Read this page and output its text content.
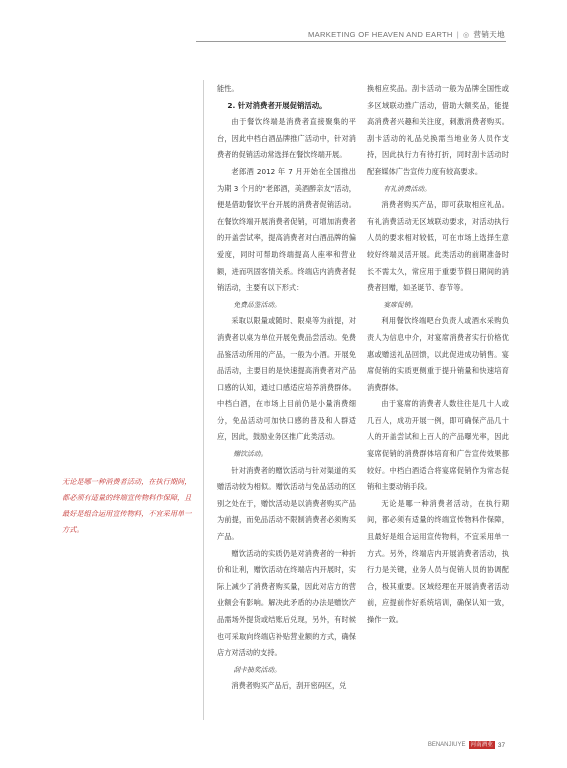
MARKETING OF HEAVEN AND EARTH | ◎ 营销天地
无论是哪一种消费者活动，在执行期间，都必须有适量的终端宣传物料作保障，且最好是组合运用宣传物料，不宜采用单一方式。

能性。

2. 针对消费者开展促销活动。

由于餐饮终端是消费者直接聚集的平台，因此中档白酒品牌推广活动中，针对消费者的促销活动常选择在餐饮终端开展。

老郎酒 2012 年 7 月开始在全国推出为期 3 个月的“老郎酒，美酒醉亲友”活动，便是借助餐饮平台开展的消费者促销活动。在餐饮终端开展消费者促销，可增加消费者的开盖尝试率，提高消费者对白酒品牌的偏爱度，同时可帮助终端提高人座率和营业额，进而巩固客情关系。终端店内消费者促销活动，主要有以下形式：

免费品鉴活动。

采取以限量或随时、限桌等为前提，对消费者以桌为单位开展免费品尝活动。免费品鉴活动所用的产品，一般为小酒。开展免品活动，主要目的是快速提高消费者对产品口感的认知，通过口感适应培养消费群体。中档白酒，在市场上目前仍是小量消费细分，免品活动可加快口感的普及和人群适应，因此，鼓励业务区推广此类活动。

赠饮活动。

针对消费者的赠饮活动与针对渠道的买赠活动较为相似。赠饮活动与免品活动的区别之处在于，赠饮活动是以消费者购买产品为前提，而免品活动不限制消费者必须购买产品。

赠饮活动的实质仍是对消费者的一种折价和让利，赠饮活动在终端店内开展时，实际上减少了消费者购买量，因此对店方的营业额会有影响。解决此矛盾的办法是赠饮产品需场外提货或结账后兑现，另外，有时候也可采取向终端店补贴营业额的方式，确保店方对活动的支持。

刮卡抽奖活动。

消费者购买产品后，刮开密码区，兑

换相应奖品。刮卡活动一般为品牌全国性或多区域联动推广活动，借助大额奖品，能提高消费者兴趣和关注度，刺激消费者购买。刮卡活动的礼品兑换需当地业务人员作支持，因此执行力有待打折，同时刮卡活动时配套媒体广告宣传力度有较高要求。

有礼消费活动。

消费者购买产品，即可获取相应礼品。有礼消费活动无区域联动要求，对活动执行人员的要求相对较低，可在市场上选择生意较好终端灵活开展。此类活动的前期准备时长不需太久，常应用于重要节假日期间的消费者回赠，如圣诞节、春节等。

宴席促销。

利用餐饮终端吧台负责人或酒水采购负责人为信息中介，对宴席消费者实行价格优惠或赠送礼品回馈，以此促进成功销售。宴席促销的实质更侧重于提升销量和快速培育消费群体。

由于宴席的消费者人数往往是几十人或几百人，成功开展一例，即可确保产品几十人的开盖尝试和上百人的产品曝光率，因此宴席促销的消费群体培育和广告宣传效果都较好。中档白酒适合将宴席促销作为常态促销和主要动销手段。

无论是哪一种消费者活动，在执行期间，都必须有适量的终端宣传物料作保障，且最好是组合运用宣传物料，不宜采用单一方式。另外，终端店内开展消费者活动，执行力是关键，业务人员与促销人员的协调配合，极其重要。区域经理在开展消费者活动前，应提前作好系统培训，确保认知一致，操作一致。

BENANJIUYE 河南酒业 37
